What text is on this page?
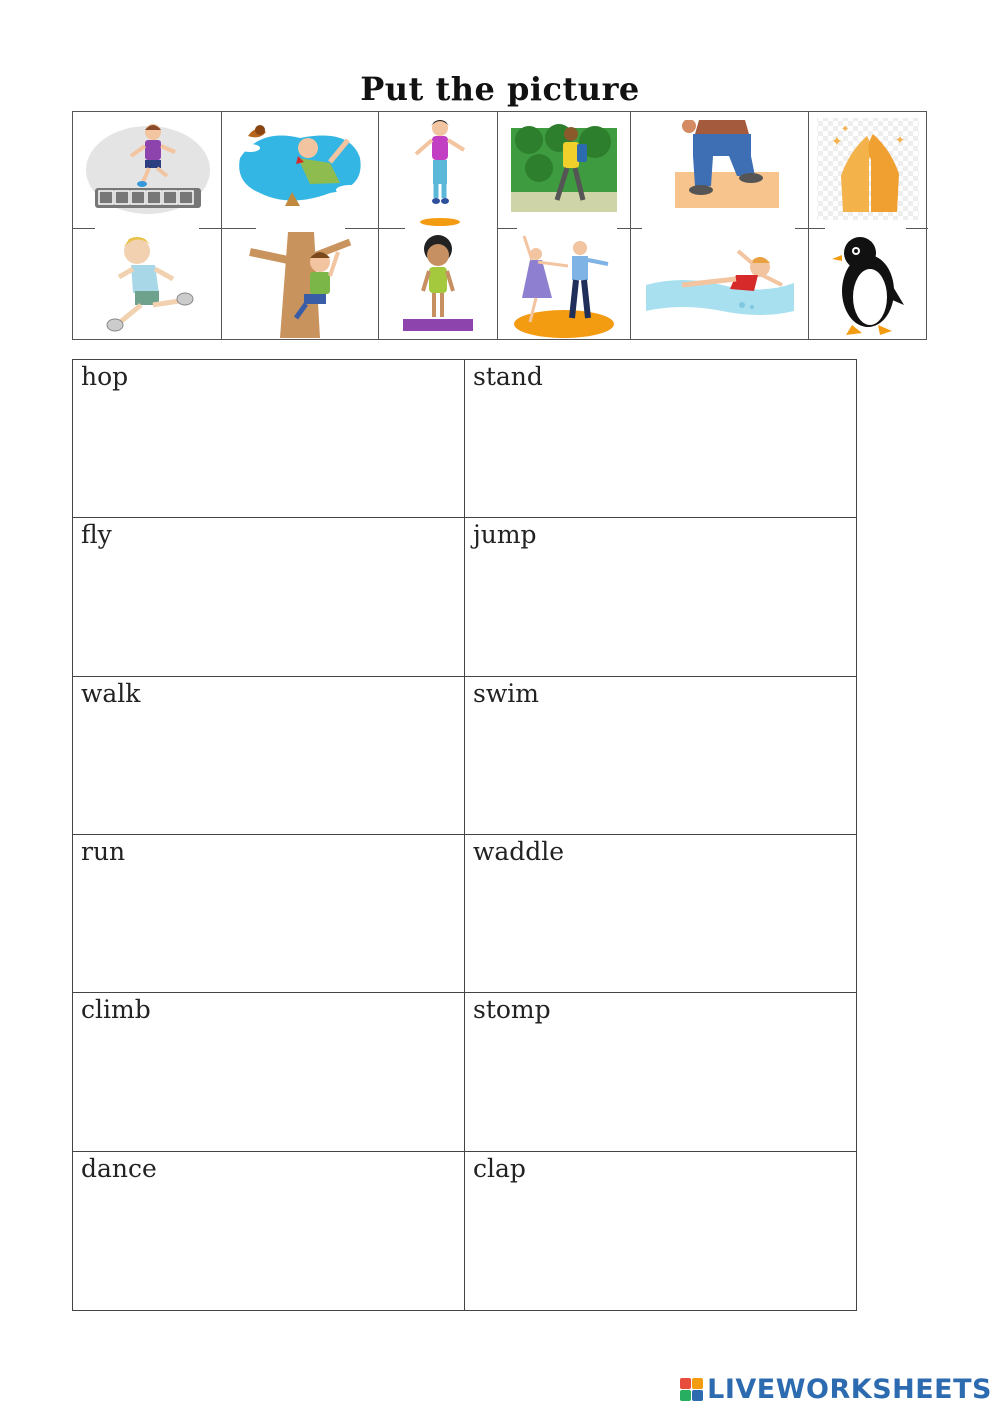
Put the picture
✦	✦
✦
hop	stand
fly	jump
walk	swim
run	waddle
climb	stomp
dance	clap
LIVEWORKSHEETS
